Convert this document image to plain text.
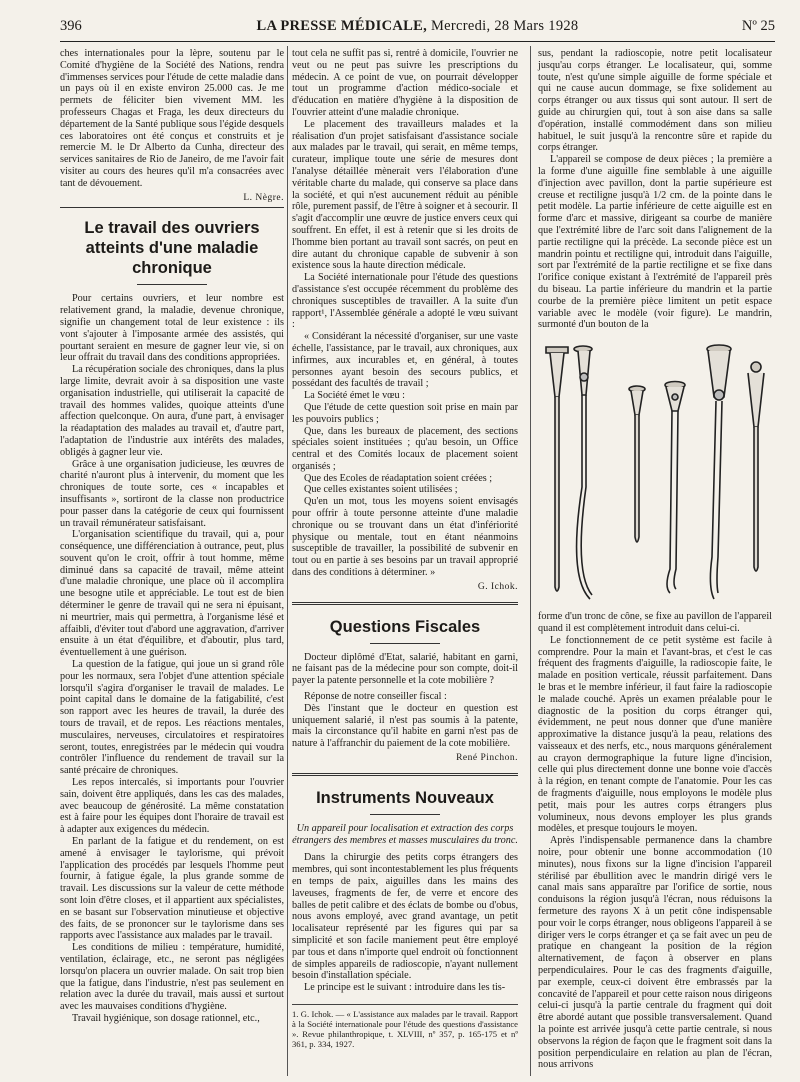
396	LA PRESSE MÉDICALE, Mercredi, 28 Mars 1928	Nº 25

ches internationales pour la lèpre, soutenu par le Comité d'hygiène de la Société des Nations, rendra d'immenses services pour l'étude de cette maladie dans un pays où il en existe environ 25.000 cas. Je me permets de féliciter bien vivement MM. les professeurs Chagas et Fraga, les deux directeurs du département de la Santé publique sous l'égide desquels ces laboratoires ont été conçus et construits et je remercie M. le Dr Alberto da Cunha, directeur des services sanitaires de Rio de Janeiro, de me l'avoir fait visiter au cours des heures qu'il m'a consacrées avec tant de dévouement.

L. Nègre.
Le travail des ouvriers atteints d'une maladie chronique

Pour certains ouvriers, et leur nombre est relativement grand, la maladie, devenue chronique, signifie un changement total de leur existence : ils vont s'ajouter à l'imposante armée des assistés, qui pourtant seraient en mesure de gagner leur vie, si on leur offrait du travail dans des conditions appropriées.

La récupération sociale des chroniques, dans la plus large limite, devrait avoir à sa disposition une vaste organisation industrielle, qui utiliserait la capacité de travail des hommes valides, quoique atteints d'une affection quelconque. On aura, d'une part, à envisager la réadaptation des malades au travail et, d'autre part, l'adaptation de l'industrie aux intérêts des malades, obligés à gagner leur vie.

Grâce à une organisation judicieuse, les œuvres de charité n'auront plus à intervenir, du moment que les chroniques de toute sorte, ces « incapables et insuffisants », sortiront de la classe non productrice pour passer dans la catégorie de ceux qui fournissent un travail rémunérateur satisfaisant.

L'organisation scientifique du travail, qui a, pour conséquence, une différenciation à outrance, peut, plus souvent qu'on le croit, offrir à tout homme, même diminué dans sa capacité de travail, même atteint d'une maladie chronique, une place où il accomplira une besogne utile et appréciable. Le tout est de bien déterminer le genre de travail qui ne sera ni épuisant, ni meurtrier, mais qui permettra, à l'organisme lésé et affaibli, d'éviter tout d'abord une aggravation, d'arriver ensuite à un état d'équilibre, et d'aboutir, plus tard, éventuellement à une guérison.

La question de la fatigue, qui joue un si grand rôle pour les normaux, sera l'objet d'une attention spéciale lorsqu'il s'agira d'organiser le travail de malades. Le point capital dans le domaine de la fatigabilité, c'est son rapport avec les heures de travail, la durée des tours de travail, et de repos. Les réactions mentales, musculaires, nerveuses, circulatoires et respiratoires seront, toutes, enregistrées par le médecin qui voudra contrôler l'influence du rendement de travail sur la santé précaire de chroniques.

Les repos intercalés, si importants pour l'ouvrier sain, doivent être appliqués, dans les cas des malades, avec beaucoup de générosité. La même constatation est à faire pour les équipes dont l'horaire de travail est à adapter aux exigences du médecin.

En parlant de la fatigue et du rendement, on est amené à envisager le taylorisme, qui prévoit l'application des procédés par lesquels l'homme peut fournir, à fatigue égale, la plus grande somme de travail. Les discussions sur la valeur de cette méthode sont loin d'être closes, et il appartient aux spécialistes, en se basant sur l'observation minutieuse et objective des faits, de se prononcer sur le taylorisme dans ses rapports avec l'assistance aux malades par le travail.

Les conditions de milieu : température, humidité, ventilation, éclairage, etc., ne seront pas négligées lorsqu'on placera un ouvrier malade. On sait trop bien que la fatigue, dans l'industrie, n'est pas seulement en relation avec la durée du travail, mais aussi et surtout avec les mauvaises conditions d'hygiène.

Travail hygiénique, son dosage rationnel, etc.,

tout cela ne suffit pas si, rentré à domicile, l'ouvrier ne veut ou ne peut pas suivre les prescriptions du médecin. A ce point de vue, on pourrait développer tout un programme d'action médico-sociale et d'éducation en matière d'hygiène à la disposition de l'ouvrier atteint d'une maladie chronique.

Le placement des travailleurs malades et la réalisation d'un projet satisfaisant d'assistance sociale aux malades par le travail, qui serait, en même temps, curateur, implique toute une série de mesures dont l'analyse détaillée mènerait vers l'élaboration d'une véritable charte du malade, qui conserve sa place dans la société, et qui n'est aucunement réduit au pénible rôle, purement passif, de l'être à soigner et à secourir. Il s'agit d'accomplir une œuvre de justice envers ceux qui souffrent. En effet, il est à retenir que si les droits de l'homme bien portant au travail sont sacrés, on peut en dire autant du chronique capable de subvenir à son existence sous la haute direction médicale.

La Société internationale pour l'étude des questions d'assistance s'est occupée récemment du problème des chroniques susceptibles de travailler. A la suite d'un rapport¹, l'Assemblée générale a adopté le vœu suivant :

« Considérant la nécessité d'organiser, sur une vaste échelle, l'assistance, par le travail, aux chroniques, aux infirmes, aux incurables et, en général, à toutes personnes ayant besoin des secours publics, et possédant des facultés de travail ;

La Société émet le vœu :

Que l'étude de cette question soit prise en main par les pouvoirs publics ;

Que, dans les bureaux de placement, des sections spéciales soient instituées ; qu'au besoin, un Office central et des Comités locaux de placement soient organisés ;

Que des Ecoles de réadaptation soient créées ;

Que celles existantes soient utilisées ;

Qu'en un mot, tous les moyens soient envisagés pour offrir à toute personne atteinte d'une maladie chronique ou se trouvant dans un état d'infériorité physique ou mentale, tout en étant néanmoins susceptible de travailler, la possibilité de subvenir en tout ou en partie à ses besoins par un travail approprié dans des conditions à déterminer. »

G. Ichok.
Questions Fiscales

Docteur diplômé d'Etat, salarié, habitant en garni, ne faisant pas de la médecine pour son compte, doit-il payer la patente personnelle et la cote mobilière ?

Réponse de notre conseiller fiscal :

Dès l'instant que le docteur en question est uniquement salarié, il n'est pas soumis à la patente, mais la circonstance qu'il habite en garni n'est pas de nature à l'affranchir du paiement de la cote mobilière.

René Pinchon.
Instruments Nouveaux
Un appareil pour localisation et extraction des corps étrangers des membres et masses musculaires du tronc.

Dans la chirurgie des petits corps étrangers des membres, qui sont incontestablement les plus fréquents en temps de paix, aiguilles dans les mains des laveuses, fragments de fer, de verre et encore des balles de petit calibre et des éclats de bombe ou d'obus, nous avons employé, avec grand avantage, un petit localisateur représenté par les figures qui par sa simplicité et son facile maniement peut être employé par tous et dans n'importe quel endroit où fonctionnent de simples appareils de radioscopie, n'ayant nullement besoin d'installation spéciale.

Le principe est le suivant : introduire dans les tis-

1. G. Ichok. — « L'assistance aux malades par le travail. Rapport à la Société internationale pour l'étude des questions d'assistance ». Revue philanthropique, t. XLVIII, nº 357, p. 165-175 et nº 361, p. 334, 1927.

sus, pendant la radioscopie, notre petit localisateur jusqu'au corps étranger. Le localisateur, qui, somme toute, n'est qu'une simple aiguille de forme spéciale et qui ne cause aucun dommage, se fixe solidement au corps étranger ou aux tissus qui sont autour. Il sert de guide au chirurgien qui, tout à son aise dans sa salle d'opération, installé commodément dans son milieu habituel, le suit jusqu'à la rencontre sûre et rapide du corps étranger.

L'appareil se compose de deux pièces ; la première a la forme d'une aiguille fine semblable à une aiguille d'injection avec pavillon, dont la partie supérieure est creuse et rectiligne jusqu'à 1/2 cm. de la pointe dans le petit modèle. La partie inférieure de cette aiguille est en forme d'arc et massive, dirigeant sa courbe de manière que l'extrémité libre de l'arc soit dans l'alignement de la partie rectiligne qui la précède. La seconde pièce est un mandrin pointu et rectiligne qui, introduit dans l'aiguille, sort par l'extrémité de la partie rectiligne et se fixe dans l'orifice conique existant à l'extrémité de l'appareil près du biseau. La partie inférieure du mandrin et la partie courbe de la première pièce limitent un petit espace variable avec le modèle (voir figure). Le mandrin, surmonté d'un bouton de la

forme d'un tronc de cône, se fixe au pavillon de l'appareil quand il est complètement introduit dans celui-ci.

Le fonctionnement de ce petit système est facile à comprendre. Pour la main et l'avant-bras, et c'est le cas fréquent des fragments d'aiguille, la radioscopie faite, le malade en position verticale, réussit parfaitement. Dans le bras et le membre inférieur, il faut faire la radioscopie le malade couché. Après un examen préalable pour le diagnostic de la position du corps étranger qui, évidemment, ne peut nous donner que d'une manière approximative la distance jusqu'à la peau, relations des vaisseaux et des nerfs, etc., nous marquons généralement au crayon dermographique la future ligne d'incision, celle qui plus directement donne une bonne voie d'accès à la région, en tenant compte de l'anatomie. Pour les cas de fragments d'aiguille, nous employons le modèle plus petit, mais pour les autres corps étrangers plus volumineux, nous devons employer les plus grands modèles, et presque toujours le moyen.

Après l'indispensable permanence dans la chambre noire, pour obtenir une bonne accommodation (10 minutes), nous fixons sur la ligne d'incision l'appareil stérilisé par ébullition avec le mandrin dirigé vers le canal mais sans apparaître par l'orifice de sortie, nous conduisons la région jusqu'à l'écran, nous réduisons la fermeture des rayons X à un petit cône indispensable pour voir le corps étranger, nous obligeons l'appareil à se diriger vers le corps étranger et ça se fait avec un peu de pratique en changeant la position de la région alternativement, de façon à observer en plans perpendiculaires. Pour le cas des fragments d'aiguille, par exemple, ceux-ci doivent être embrassés par la concavité de l'appareil et pour cette raison nous dirigeons celui-ci jusqu'à la partie centrale du fragment qui doit être abordé autant que possible transversalement. Quand la pointe est arrivée jusqu'à cette partie centrale, si nous observons la région de façon que le fragment soit dans la position perpendiculaire en relation au plan de l'écran, nous arrivons
